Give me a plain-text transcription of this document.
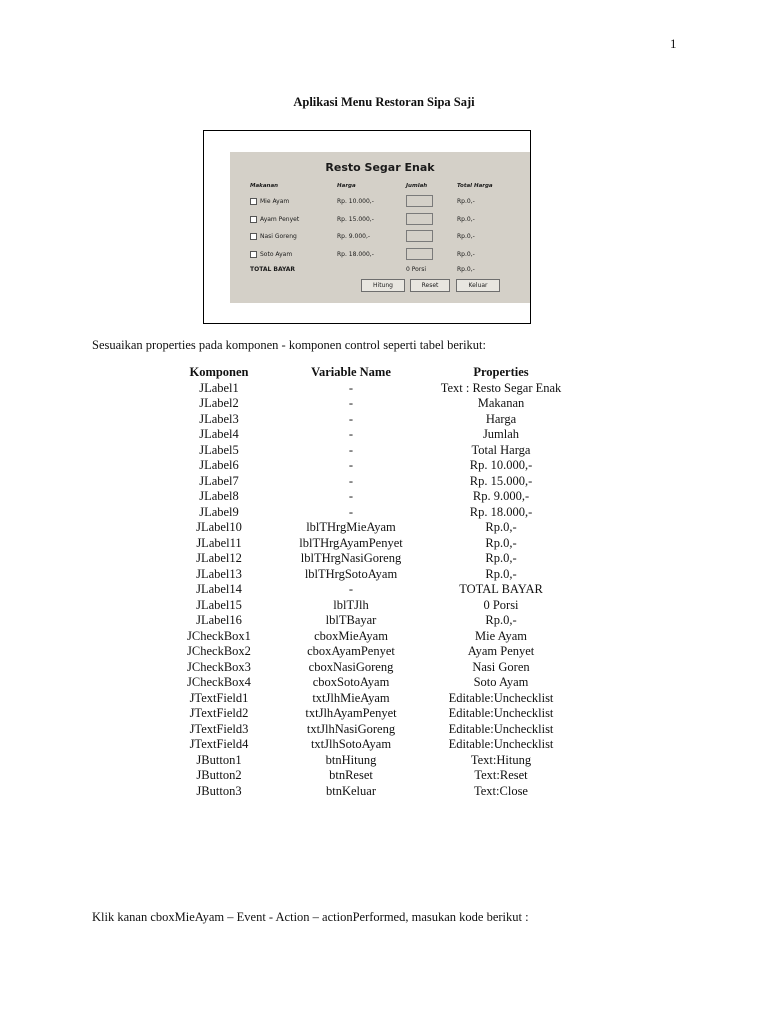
1
Aplikasi Menu Restoran Sipa Saji
Resto Segar Enak
Makanan	Harga	Jumlah	Total Harga
Mie Ayam	Rp. 10.000,-	Rp.0,-
Ayam Penyet	Rp. 15.000,-	Rp.0,-
Nasi Goreng	Rp. 9.000,-	Rp.0,-
Soto Ayam	Rp. 18.000,-	Rp.0,-
TOTAL BAYAR	0 Porsi	Rp.0,-
Hitung	Reset	Keluar
Sesuaikan properties pada komponen - komponen control seperti tabel berikut:
Komponen	Variable Name	Properties
JLabel1	-	Text : Resto Segar Enak
JLabel2	-	Makanan
JLabel3	-	Harga
JLabel4	-	Jumlah
JLabel5	-	Total Harga
JLabel6	-	Rp. 10.000,-
JLabel7	-	Rp. 15.000,-
JLabel8	-	Rp. 9.000,-
JLabel9	-	Rp. 18.000,-
JLabel10	lblTHrgMieAyam	Rp.0,-
JLabel11	lblTHrgAyamPenyet	Rp.0,-
JLabel12	lblTHrgNasiGoreng	Rp.0,-
JLabel13	lblTHrgSotoAyam	Rp.0,-
JLabel14	-	TOTAL BAYAR
JLabel15	lblTJlh	0 Porsi
JLabel16	lblTBayar	Rp.0,-
JCheckBox1	cboxMieAyam	Mie Ayam
JCheckBox2	cboxAyamPenyet	Ayam Penyet
JCheckBox3	cboxNasiGoreng	Nasi Goren
JCheckBox4	cboxSotoAyam	Soto Ayam
JTextField1	txtJlhMieAyam	Editable:Unchecklist
JTextField2	txtJlhAyamPenyet	Editable:Unchecklist
JTextField3	txtJlhNasiGoreng	Editable:Unchecklist
JTextField4	txtJlhSotoAyam	Editable:Unchecklist
JButton1	btnHitung	Text:Hitung
JButton2	btnReset	Text:Reset
JButton3	btnKeluar	Text:Close
Klik kanan cboxMieAyam – Event - Action – actionPerformed, masukan kode berikut :
